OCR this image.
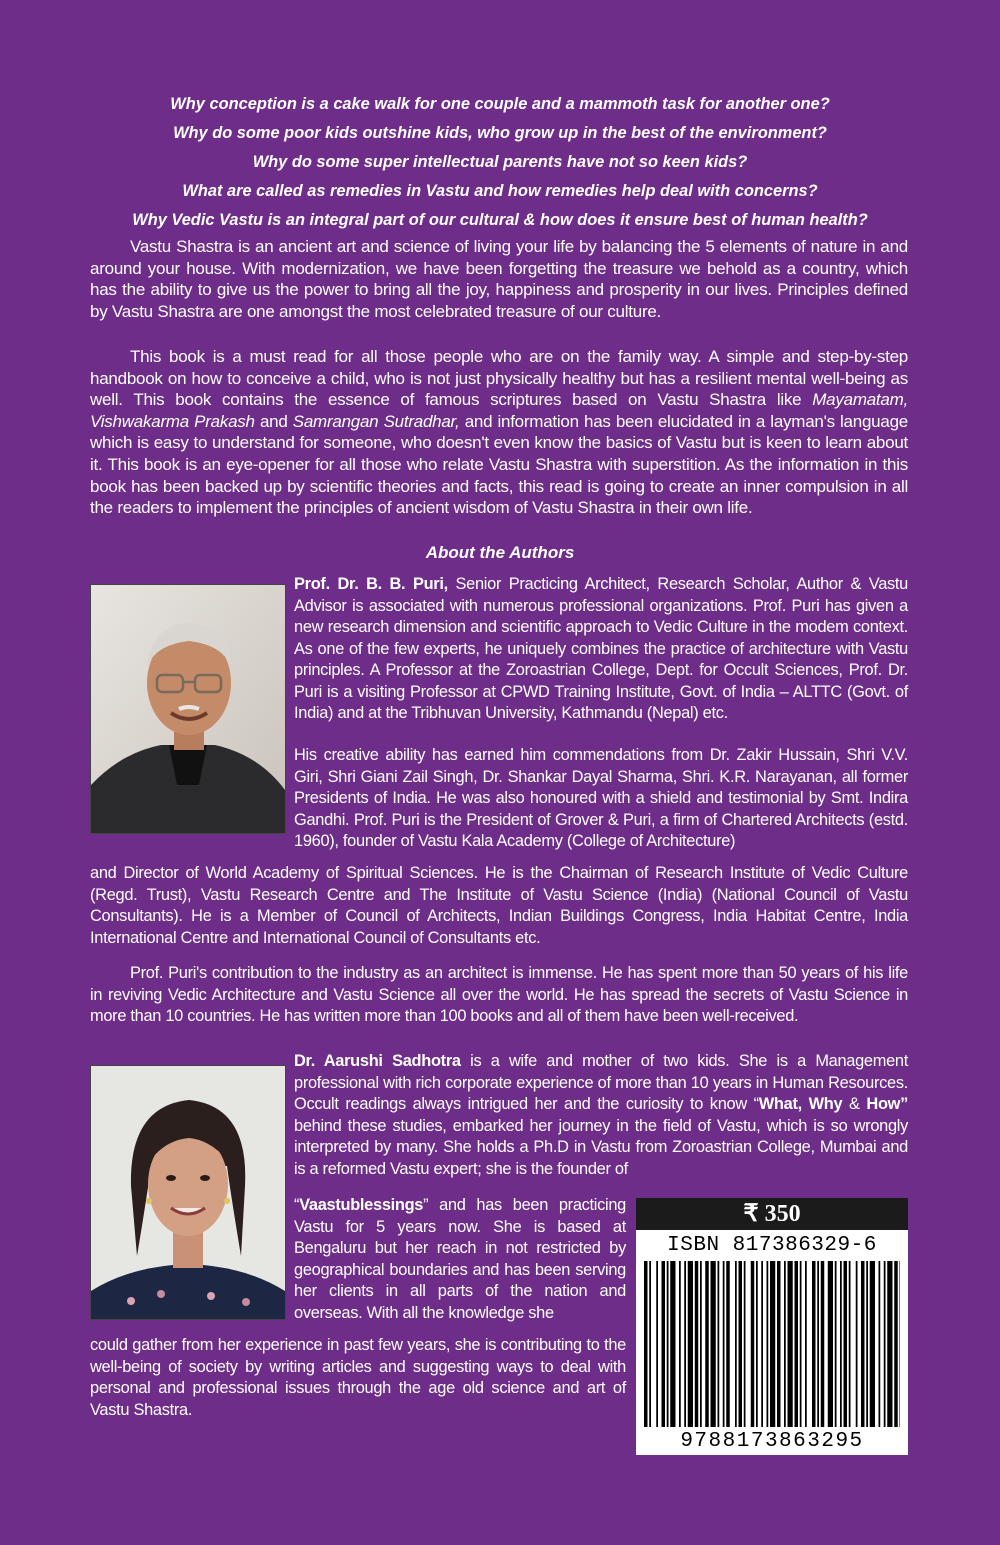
Why conception is a cake walk for one couple and a mammoth task for another one?
Why do some poor kids outshine kids, who grow up in the best of the environment?
Why do some super intellectual parents have not so keen kids?
What are called as remedies in Vastu and how remedies help deal with concerns?
Why Vedic Vastu is an integral part of our cultural & how does it ensure best of human health?

Vastu Shastra is an ancient art and science of living your life by balancing the 5 elements of nature in and around your house. With modernization, we have been forgetting the treasure we behold as a country, which has the ability to give us the power to bring all the joy, happiness and prosperity in our lives. Principles defined by Vastu Shastra are one amongst the most celebrated treasure of our culture.

This book is a must read for all those people who are on the family way. A simple and step-by-step handbook on how to conceive a child, who is not just physically healthy but has a resilient mental well-being as well. This book contains the essence of famous scriptures based on Vastu Shastra like Mayamatam, Vishwakarma Prakash and Samrangan Sutradhar, and information has been elucidated in a layman's language which is easy to understand for someone, who doesn't even know the basics of Vastu but is keen to learn about it. This book is an eye-opener for all those who relate Vastu Shastra with superstition. As the information in this book has been backed up by scientific theories and facts, this read is going to create an inner compulsion in all the readers to implement the principles of ancient wisdom of Vastu Shastra in their own life.

About the Authors

Prof. Dr. B. B. Puri, Senior Practicing Architect, Research Scholar, Author & Vastu Advisor is associated with numerous professional organizations. Prof. Puri has given a new research dimension and scientific approach to Vedic Culture in the modem context. As one of the few experts, he uniquely combines the practice of architecture with Vastu principles. A Professor at the Zoroastrian College, Dept. for Occult Sciences, Prof. Dr. Puri is a visiting Professor at CPWD Training Institute, Govt. of India – ALTTC (Govt. of India) and at the Tribhuvan University, Kathmandu (Nepal) etc.

His creative ability has earned him commendations from Dr. Zakir Hussain, Shri V.V. Giri, Shri Giani Zail Singh, Dr. Shankar Dayal Sharma, Shri. K.R. Narayanan, all former Presidents of India. He was also honoured with a shield and testimonial by Smt. Indira Gandhi. Prof. Puri is the President of Grover & Puri, a firm of Chartered Architects (estd. 1960), founder of Vastu Kala Academy (College of Architecture)

and Director of World Academy of Spiritual Sciences. He is the Chairman of Research Institute of Vedic Culture (Regd. Trust), Vastu Research Centre and The Institute of Vastu Science (India) (National Council of Vastu Consultants). He is a Member of Council of Architects, Indian Buildings Congress, India Habitat Centre, India International Centre and International Council of Consultants etc.

Prof. Puri's contribution to the industry as an architect is immense. He has spent more than 50 years of his life in reviving Vedic Architecture and Vastu Science all over the world. He has spread the secrets of Vastu Science in more than 10 countries. He has written more than 100 books and all of them have been well-received.

Dr. Aarushi Sadhotra is a wife and mother of two kids. She is a Management professional with rich corporate experience of more than 10 years in Human Resources. Occult readings always intrigued her and the curiosity to know “What, Why & How” behind these studies, embarked her journey in the field of Vastu, which is so wrongly interpreted by many. She holds a Ph.D in Vastu from Zoroastrian College, Mumbai and is a reformed Vastu expert; she is the founder of

“Vaastublessings” and has been practicing Vastu for 5 years now. She is based at Bengaluru but her reach in not restricted by geographical boundaries and has been serving her clients in all parts of the nation and overseas. With all the knowledge she

could gather from her experience in past few years, she is contributing to the well-being of society by writing articles and suggesting ways to deal with personal and professional issues through the age old science and art of Vastu Shastra.

₹ 350
ISBN 817386329-6
9788173863295
